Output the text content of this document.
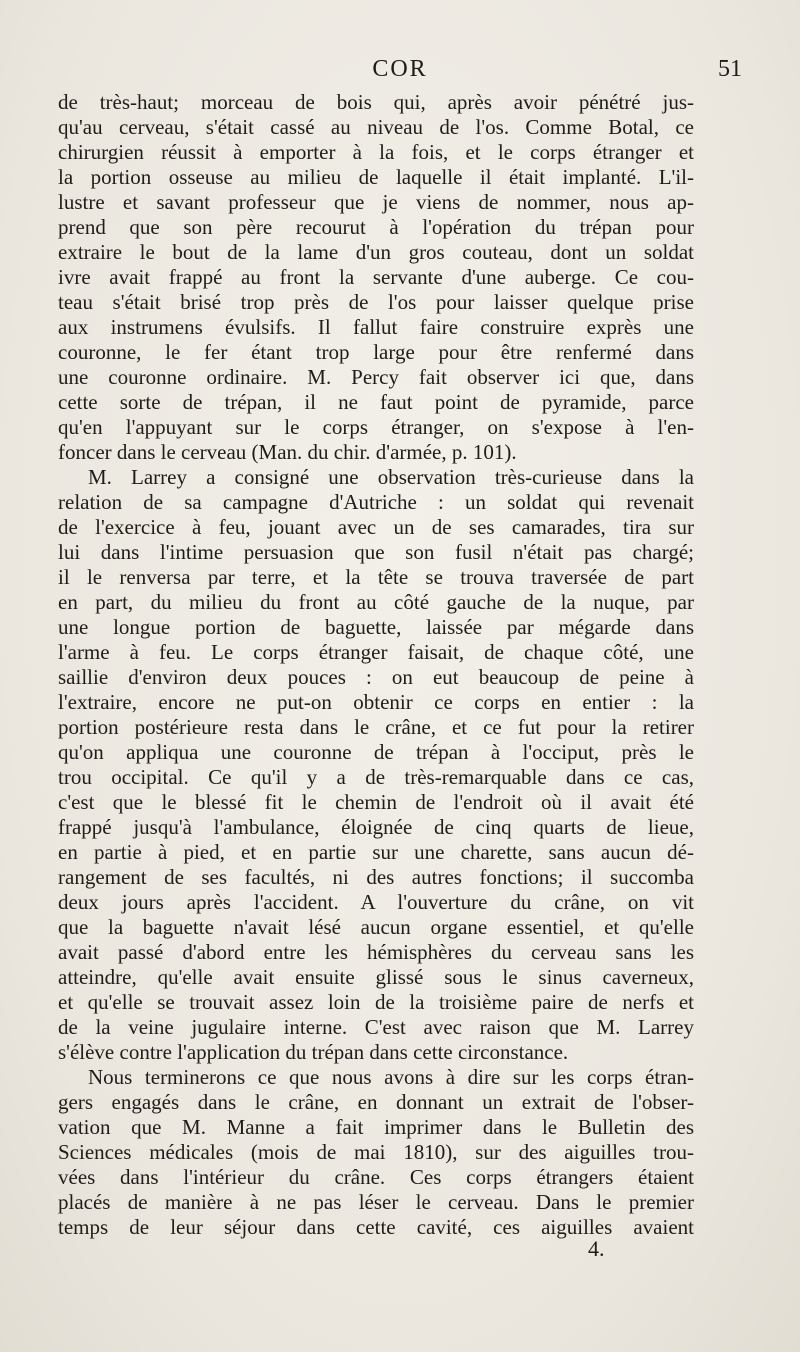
COR	51
de très-haut; morceau de bois qui, après avoir pénétré jus-
qu'au cerveau, s'était cassé au niveau de l'os. Comme Botal, ce
chirurgien réussit à emporter à la fois, et le corps étranger et
la portion osseuse au milieu de laquelle il était implanté. L'il-
lustre et savant professeur que je viens de nommer, nous ap-
prend que son père recourut à l'opération du trépan pour
extraire le bout de la lame d'un gros couteau, dont un soldat
ivre avait frappé au front la servante d'une auberge. Ce cou-
teau s'était brisé trop près de l'os pour laisser quelque prise
aux instrumens évulsifs. Il fallut faire construire exprès une
couronne, le fer étant trop large pour être renfermé dans
une couronne ordinaire. M. Percy fait observer ici que, dans
cette sorte de trépan, il ne faut point de pyramide, parce
qu'en l'appuyant sur le corps étranger, on s'expose à l'en-
foncer dans le cerveau (Man. du chir. d'armée, p. 101).
M. Larrey a consigné une observation très-curieuse dans la
relation de sa campagne d'Autriche : un soldat qui revenait
de l'exercice à feu, jouant avec un de ses camarades, tira sur
lui dans l'intime persuasion que son fusil n'était pas chargé;
il le renversa par terre, et la tête se trouva traversée de part
en part, du milieu du front au côté gauche de la nuque, par
une longue portion de baguette, laissée par mégarde dans
l'arme à feu. Le corps étranger faisait, de chaque côté, une
saillie d'environ deux pouces : on eut beaucoup de peine à
l'extraire, encore ne put-on obtenir ce corps en entier : la
portion postérieure resta dans le crâne, et ce fut pour la retirer
qu'on appliqua une couronne de trépan à l'occiput, près le
trou occipital. Ce qu'il y a de très-remarquable dans ce cas,
c'est que le blessé fit le chemin de l'endroit où il avait été
frappé jusqu'à l'ambulance, éloignée de cinq quarts de lieue,
en partie à pied, et en partie sur une charette, sans aucun dé-
rangement de ses facultés, ni des autres fonctions; il succomba
deux jours après l'accident. A l'ouverture du crâne, on vit
que la baguette n'avait lésé aucun organe essentiel, et qu'elle
avait passé d'abord entre les hémisphères du cerveau sans les
atteindre, qu'elle avait ensuite glissé sous le sinus caverneux,
et qu'elle se trouvait assez loin de la troisième paire de nerfs et
de la veine jugulaire interne. C'est avec raison que M. Larrey
s'élève contre l'application du trépan dans cette circonstance.
Nous terminerons ce que nous avons à dire sur les corps étran-
gers engagés dans le crâne, en donnant un extrait de l'obser-
vation que M. Manne a fait imprimer dans le Bulletin des
Sciences médicales (mois de mai 1810), sur des aiguilles trou-
vées dans l'intérieur du crâne. Ces corps étrangers étaient
placés de manière à ne pas léser le cerveau. Dans le premier
temps de leur séjour dans cette cavité, ces aiguilles avaient
4.
